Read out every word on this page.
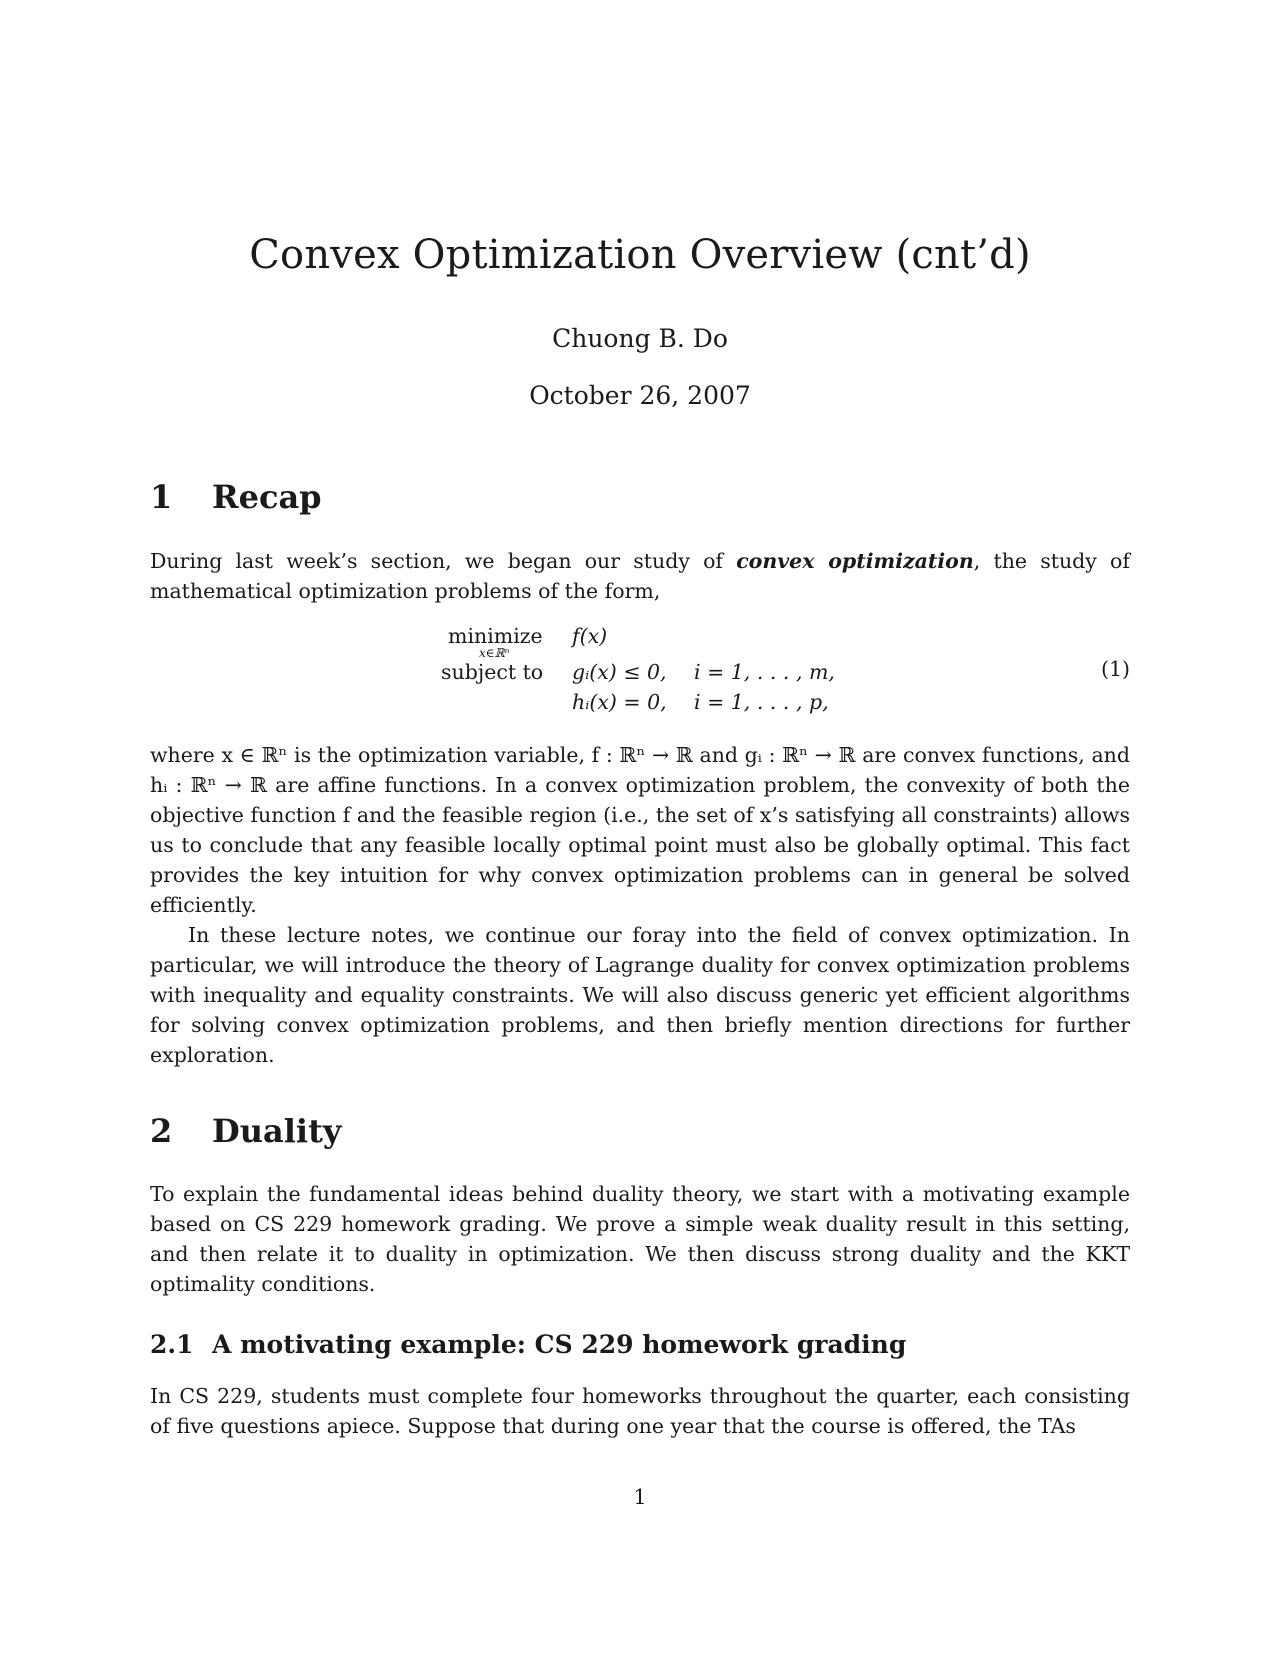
Convex Optimization Overview (cnt’d)

Chuong B. Do

October 26, 2007

1	Recap

During last week’s section, we began our study of convex optimization, the study of mathematical optimization problems of the form,

minimize
x∈ℝⁿ
f(x)
subject to gᵢ(x) ≤ 0, i = 1, . . . , m,
hᵢ(x) = 0, i = 1, . . . , p,
(1)

where x ∈ ℝⁿ is the optimization variable, f : ℝⁿ → ℝ and gᵢ : ℝⁿ → ℝ are convex functions, and hᵢ : ℝⁿ → ℝ are affine functions. In a convex optimization problem, the convexity of both the objective function f and the feasible region (i.e., the set of x’s satisfying all constraints) allows us to conclude that any feasible locally optimal point must also be globally optimal. This fact provides the key intuition for why convex optimization problems can in general be solved efficiently.

In these lecture notes, we continue our foray into the field of convex optimization. In particular, we will introduce the theory of Lagrange duality for convex optimization problems with inequality and equality constraints. We will also discuss generic yet efficient algorithms for solving convex optimization problems, and then briefly mention directions for further exploration.

2	Duality

To explain the fundamental ideas behind duality theory, we start with a motivating example based on CS 229 homework grading. We prove a simple weak duality result in this setting, and then relate it to duality in optimization. We then discuss strong duality and the KKT optimality conditions.

2.1 A motivating example: CS 229 homework grading

In CS 229, students must complete four homeworks throughout the quarter, each consisting of five questions apiece. Suppose that during one year that the course is offered, the TAs

1
